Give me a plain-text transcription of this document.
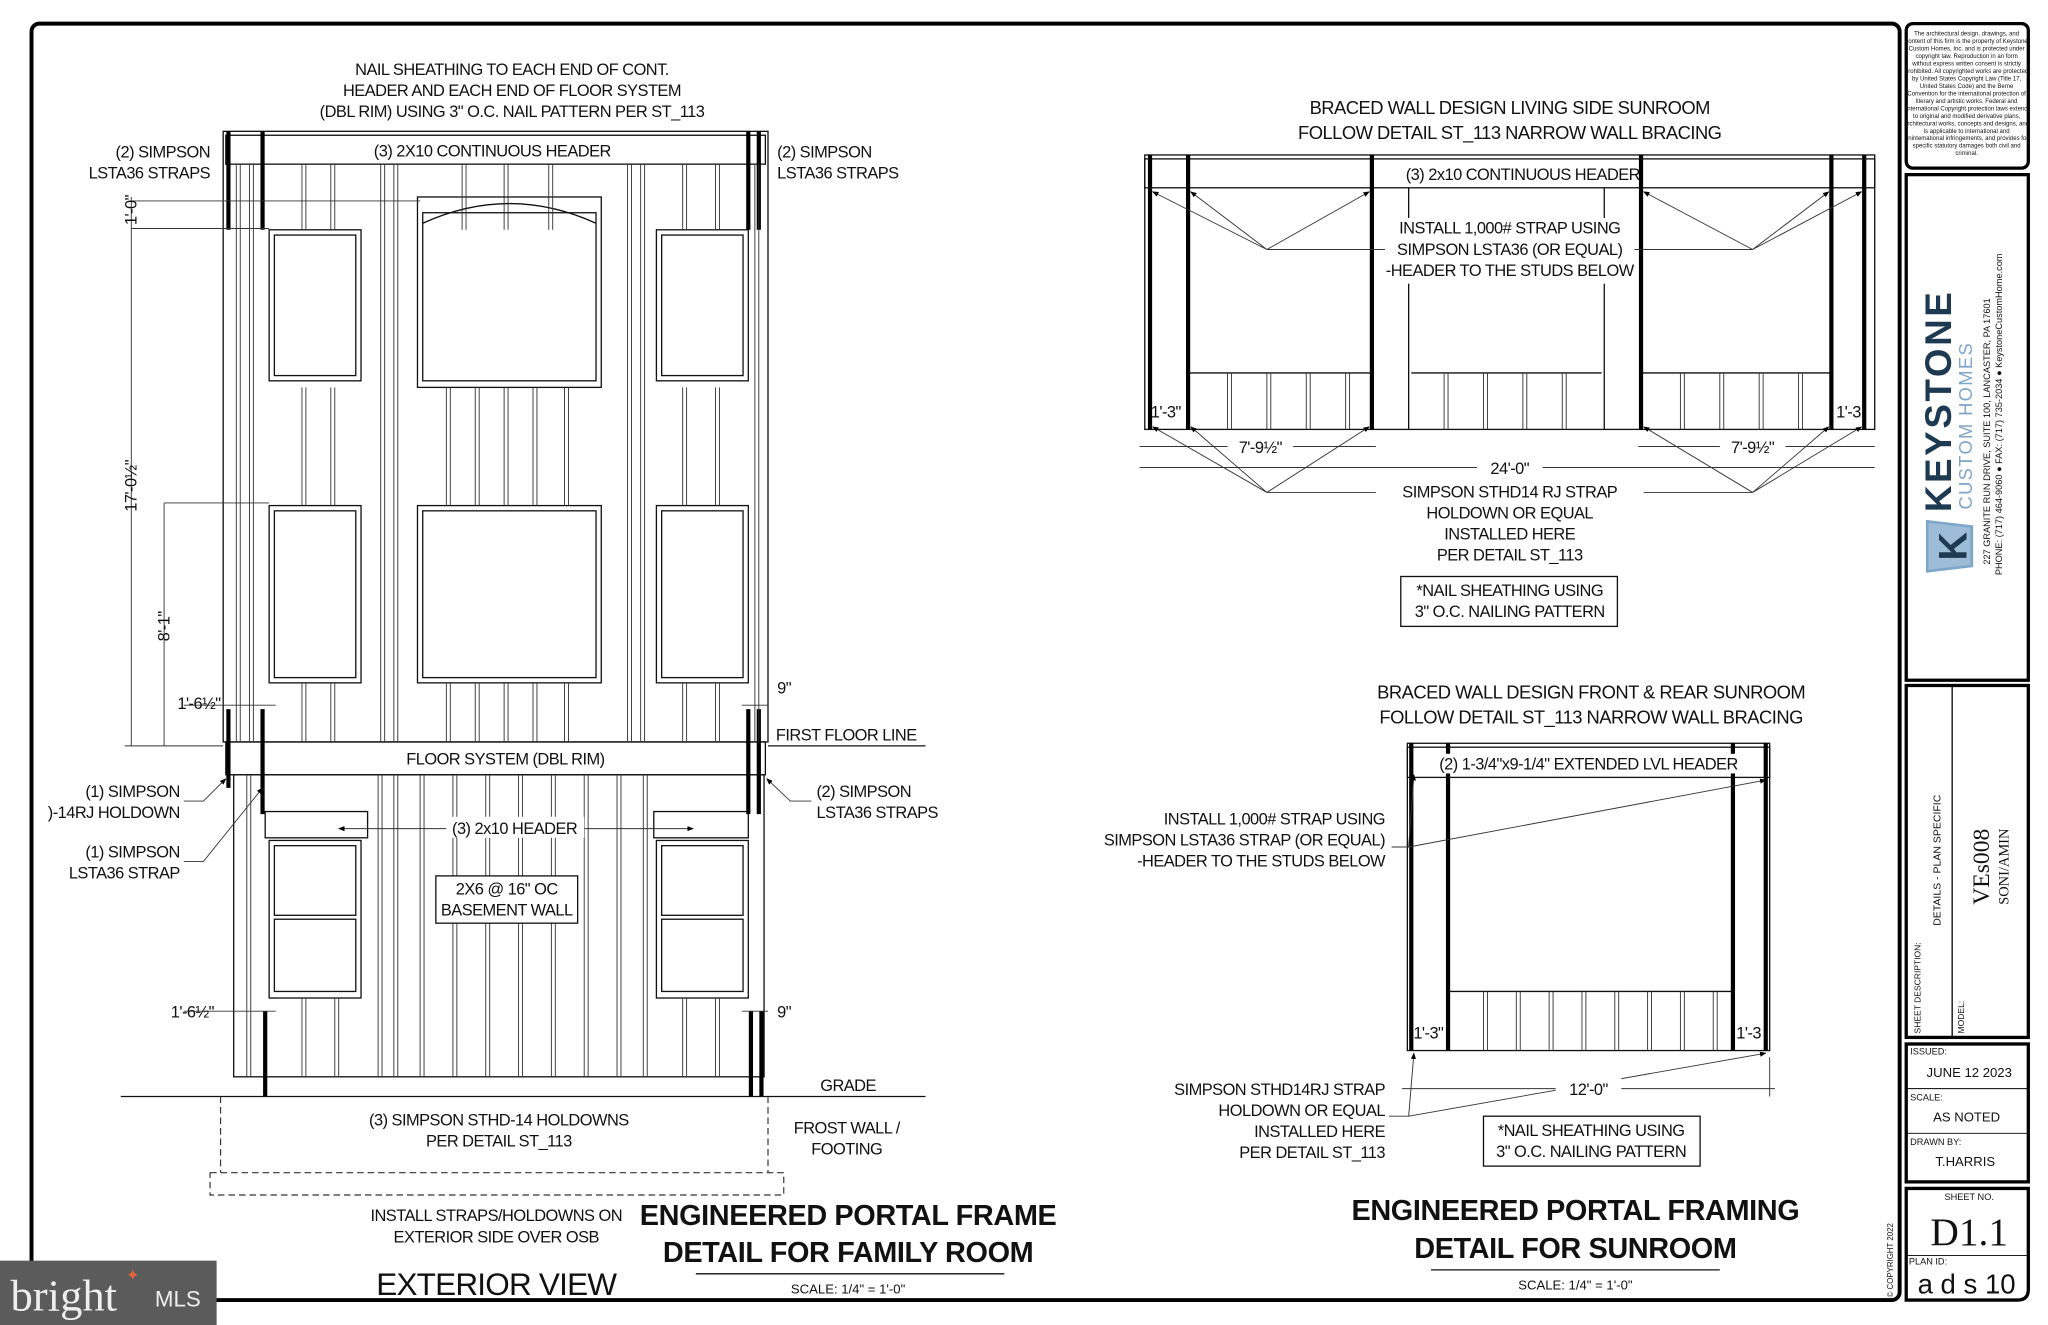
NAIL SHEATHING TO EACH END OF CONT.
HEADER AND EACH END OF FLOOR SYSTEM
(DBL RIM) USING 3" O.C. NAIL PATTERN PER ST_113
(3) 2X10 CONTINUOUS HEADER
(2) SIMPSON
LSTA36 STRAPS
(2) SIMPSON
LSTA36 STRAPS
1'-0"
17'-0½"
8'-1"
1'-6½"
9"
1'-6½"	9"
FIRST FLOOR LINE
FLOOR SYSTEM (DBL RIM)
(1) SIMPSON
)-14RJ HOLDOWN
(1) SIMPSON
LSTA36 STRAP
(2) SIMPSON
LSTA36 STRAPS
(3) 2x10 HEADER
2X6 @ 16" OC
BASEMENT WALL
GRADE
(3) SIMPSON STHD-14 HOLDOWNS
PER DETAIL ST_113
FROST WALL /
FOOTING
INSTALL STRAPS/HOLDOWNS ON
EXTERIOR SIDE OVER OSB
EXTERIOR VIEW
ENGINEERED PORTAL FRAME
DETAIL FOR FAMILY ROOM
SCALE: 1/4" = 1'-0"
BRACED WALL DESIGN LIVING SIDE SUNROOM
FOLLOW DETAIL ST_113 NARROW WALL BRACING
(3) 2x10 CONTINUOUS HEADER
INSTALL 1,000# STRAP USING
SIMPSON LSTA36 (OR EQUAL)
-HEADER TO THE STUDS BELOW
1'-3"	1'-3
7'-9½"	7'-9½"
24'-0"
SIMPSON STHD14 RJ STRAP
HOLDOWN OR EQUAL
INSTALLED HERE
PER DETAIL ST_113
*NAIL SHEATHING USING
3" O.C. NAILING PATTERN
BRACED WALL DESIGN FRONT & REAR SUNROOM
FOLLOW DETAIL ST_113 NARROW WALL BRACING
(2) 1-3/4"x9-1/4" EXTENDED LVL HEADER
INSTALL 1,000# STRAP USING
SIMPSON LSTA36 STRAP (OR EQUAL)
-HEADER TO THE STUDS BELOW
SIMPSON STHD14RJ STRAP
HOLDOWN OR EQUAL
INSTALLED HERE
PER DETAIL ST_113
1'-3"	1'-3
12'-0"
*NAIL SHEATHING USING
3" O.C. NAILING PATTERN
ENGINEERED PORTAL FRAMING
DETAIL FOR SUNROOM
SCALE: 1/4" = 1'-0"	© COPYRIGHT 2022
The architectural design, drawings, and content of this firm is the property of Keystone Custom Homes, Inc. and is protected under copyright law. Reproduction in an form without express written consent is strictly prohibited. All copyrighted works are protected by United States Copyright Law (Title 17, United States Code) and the Berne Convention for the international protection of literary and artistic works. Federal and International Copyright protection laws extend to original and modified derivative plans, architectural works, concepts and designs, and is applicable to international and unintemational infringements, and provides for specific statutory damages both civil and criminal.
K
KEYSTONE
CUSTOM HOMES 227 GRANITE RUN DRIVE, SUITE 100, LANCASTER, PA 17601 PHONE: (717) 464-9060 ● FAX: (717) 735-2034 ● KeystoneCustomHome.com
SHEET DESCRIPTION:
DETAILS - PLAN SPECIFIC
MODEL:
VEs008 SONI/AMIN
ISSUED:
JUNE 12 2023
SCALE:
AS NOTED
DRAWN BY:
T.HARRIS
SHEET NO.
D1.1
PLAN ID:
a d s 10
bright MLS
✦
